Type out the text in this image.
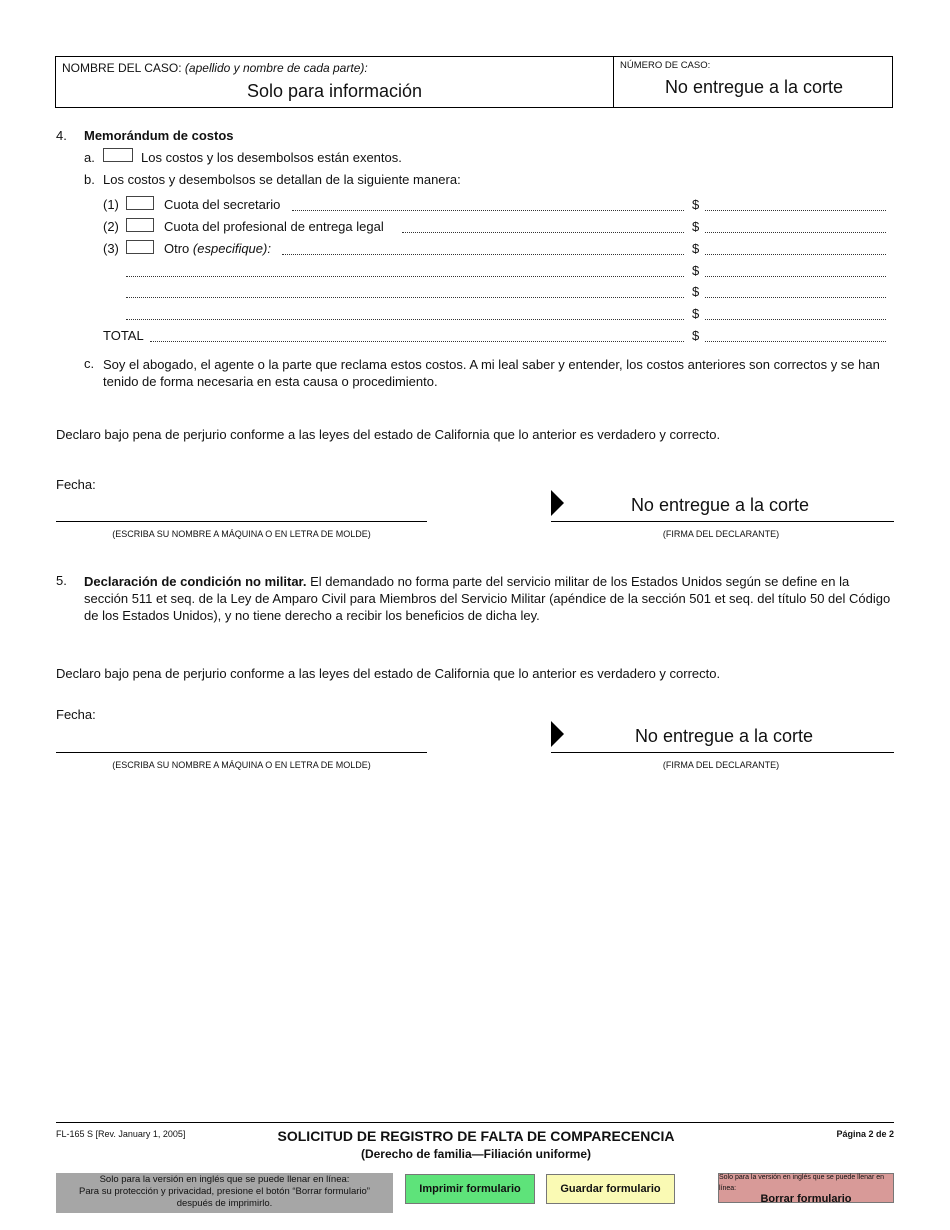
NOMBRE DEL CASO: (apellido y nombre de cada parte):
Solo para información
NÚMERO DE CASO:
No entregue a la corte
4. Memorándum de costos
a.	Los costos y los desembolsos están exentos.
b. Los costos y desembolsos se detallan de la siguiente manera:
(1)	Cuota del secretario	$
(2)	Cuota del profesional de entrega legal	$
(3)	Otro (especifique):	$
$
$
$
TOTAL	$
c. Soy el abogado, el agente o la parte que reclama estos costos. A mi leal saber y entender, los costos anteriores son correctos y se han tenido de forma necesaria en esta causa o procedimiento.
Declaro bajo pena de perjurio conforme a las leyes del estado de California que lo anterior es verdadero y correcto.
Fecha:
(ESCRIBA SU NOMBRE A MÁQUINA O EN LETRA DE MOLDE)
No entregue a la corte
(FIRMA DEL DECLARANTE)
5. Declaración de condición no militar. El demandado no forma parte del servicio militar de los Estados Unidos según se define en la sección 511 et seq. de la Ley de Amparo Civil para Miembros del Servicio Militar (apéndice de la sección 501 et seq. del título 50 del Código de los Estados Unidos), y no tiene derecho a recibir los beneficios de dicha ley.
Declaro bajo pena de perjurio conforme a las leyes del estado de California que lo anterior es verdadero y correcto.
Fecha:
(ESCRIBA SU NOMBRE A MÁQUINA O EN LETRA DE MOLDE)
No entregue a la corte
(FIRMA DEL DECLARANTE)
FL-165 S [Rev. January 1, 2005]	SOLICITUD DE REGISTRO DE FALTA DE COMPARECENCIA
(Derecho de familia—Filiación uniforme)
Página 2 de 2
Solo para la versión en inglés que se puede llenar en línea:
Para su protección y privacidad, presione el botón “Borrar formulario”
después de imprimirlo.
Imprimir formulario	Guardar formulario
Solo para la versión en inglés que se puede llenar en línea:
Borrar formulario
